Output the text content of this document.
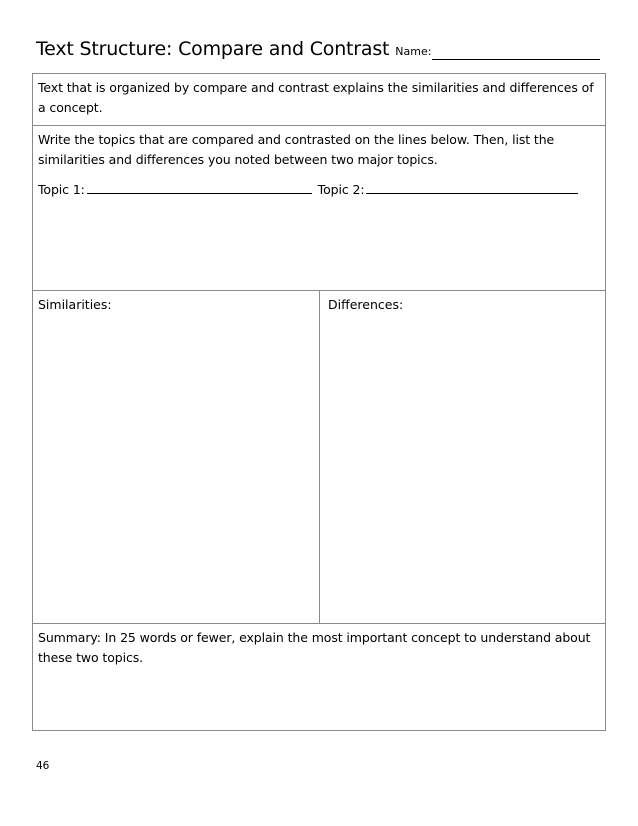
Text Structure: Compare and Contrast Name:
Text that is organized by compare and contrast explains the similarities and differences of a concept.
Write the topics that are compared and contrasted on the lines below. Then, list the similarities and differences you noted between two major topics.
Topic 1:	Topic 2:
Similarities:	Differences:
Summary: In 25 words or fewer, explain the most important concept to understand about these two topics.
46
